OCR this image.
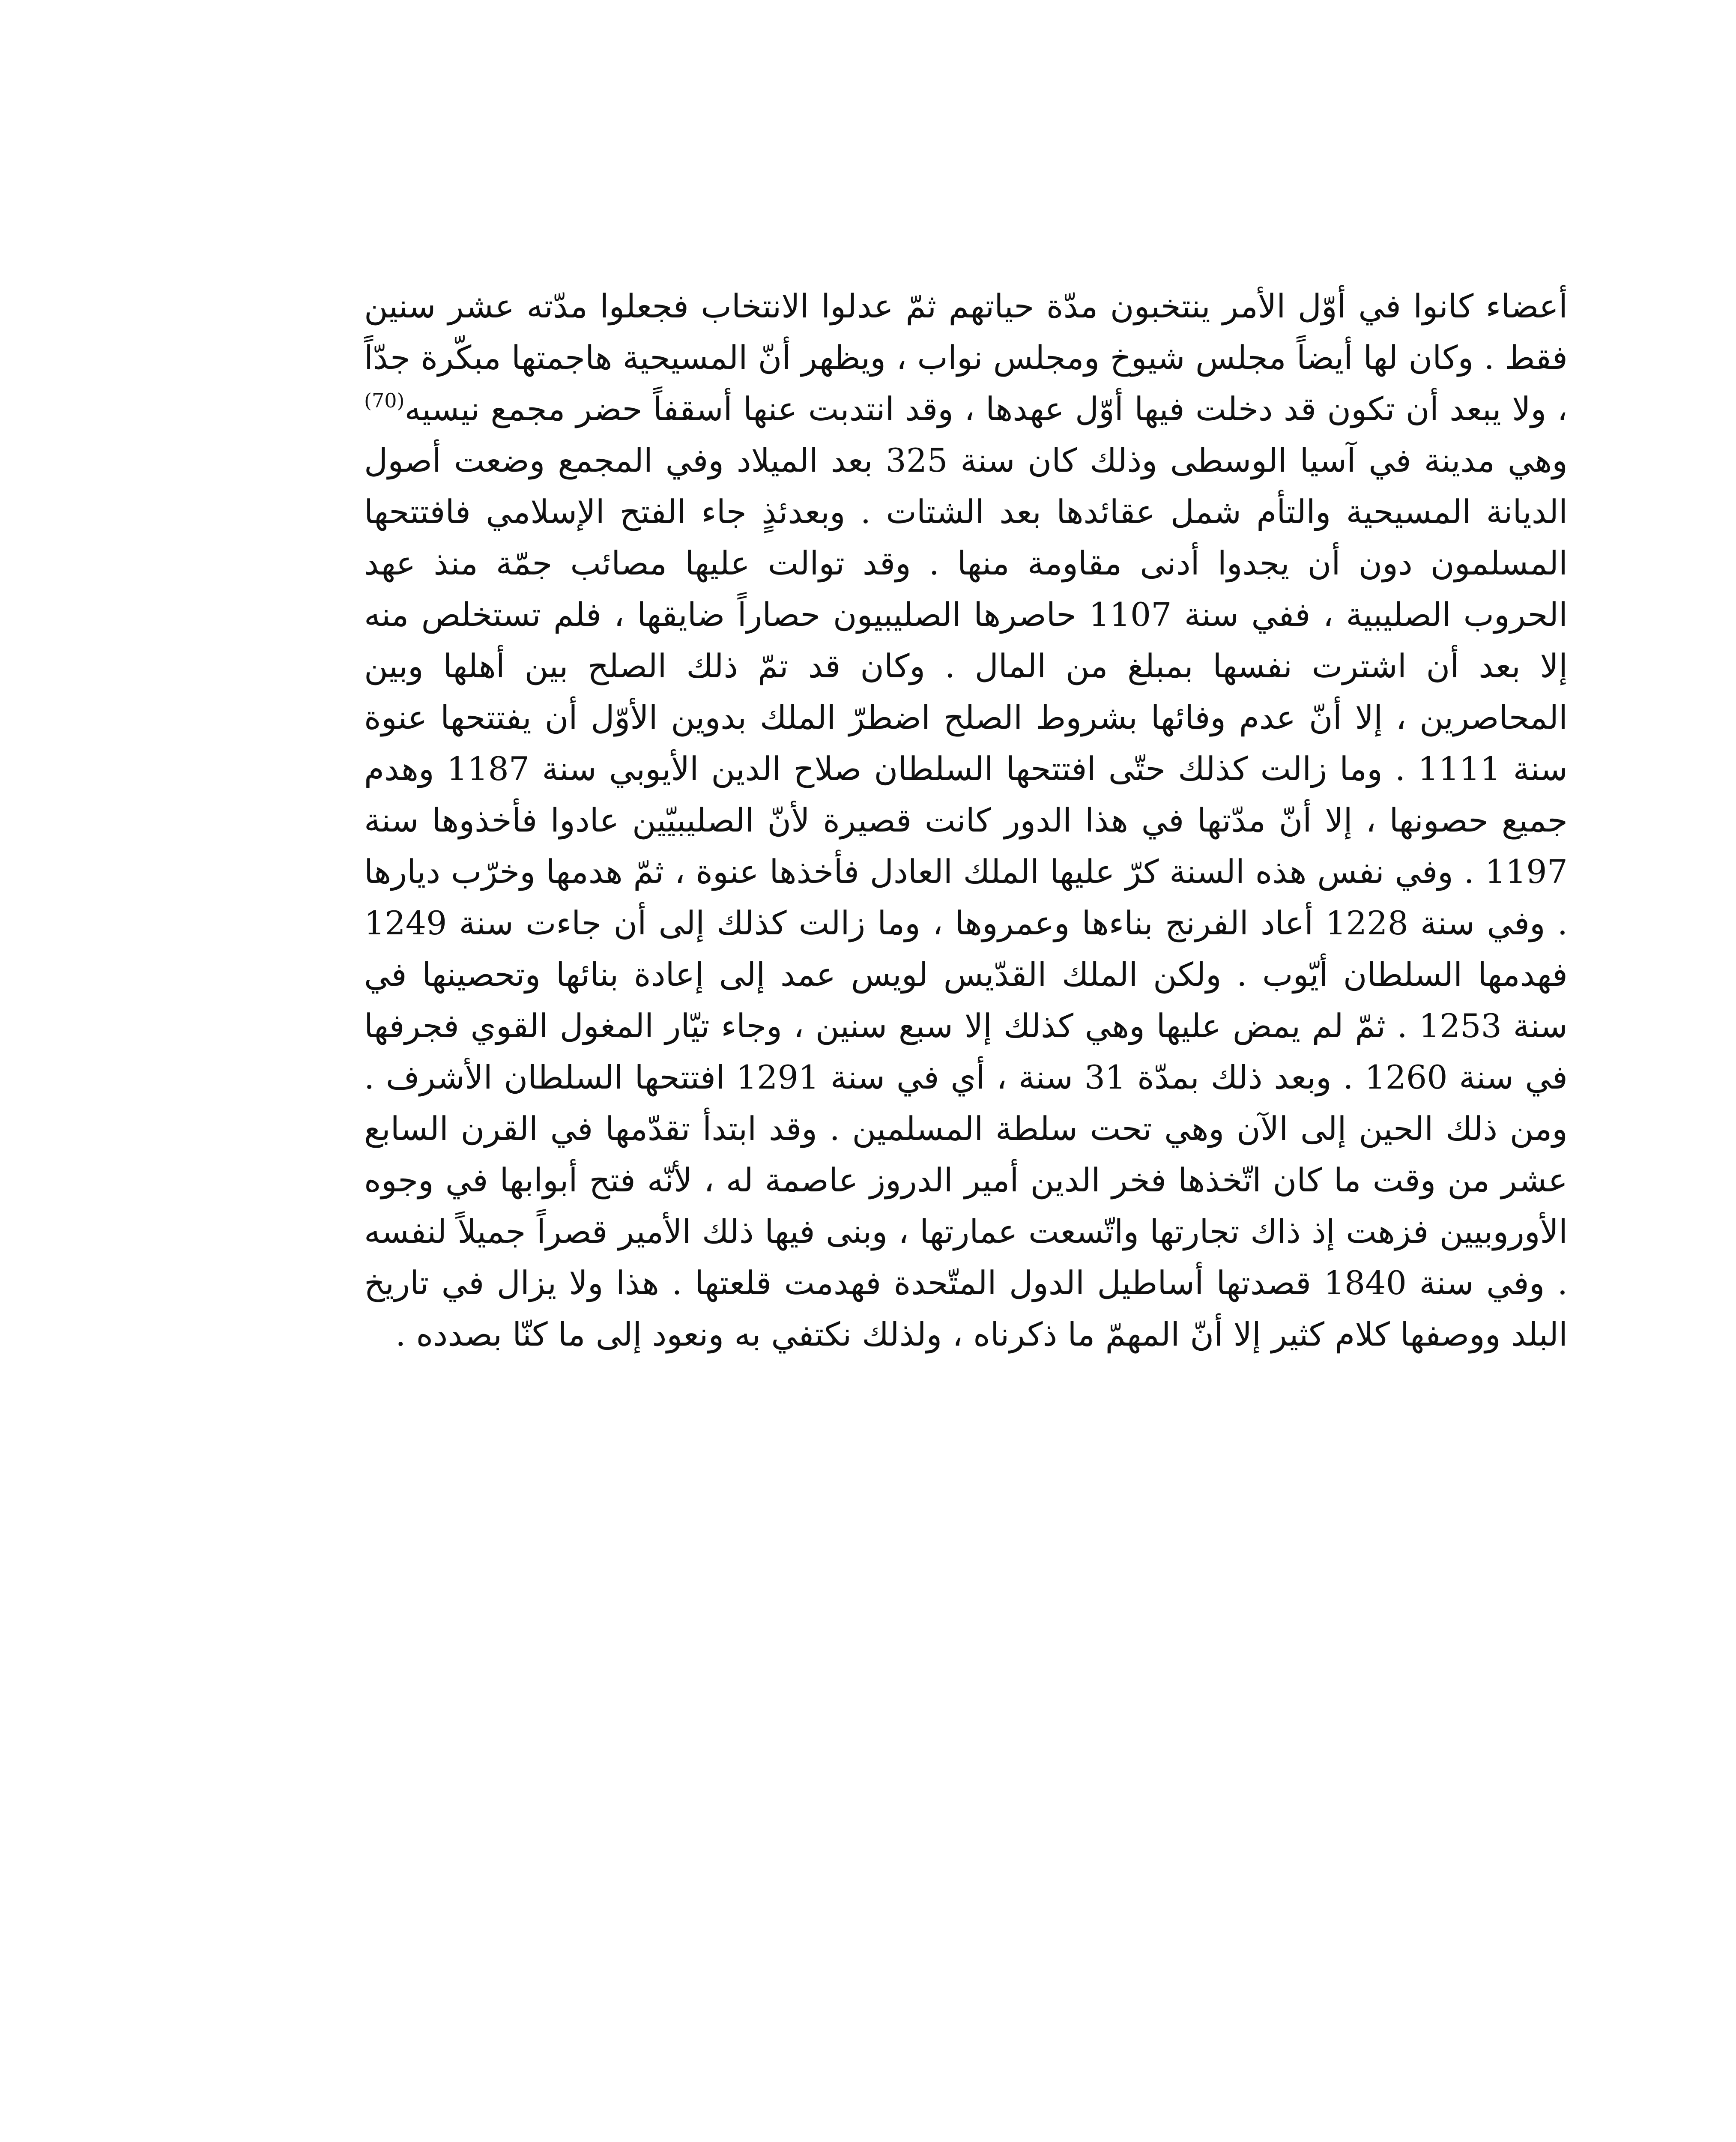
أعضاء كانوا في أوّل الأمر ينتخبون مدّة حياتهم ثمّ عدلوا الانتخاب فجعلوا مدّته عشر سنين فقط . وكان لها أيضاً مجلس شيوخ ومجلس نواب ، ويظهر أنّ المسيحية هاجمتها مبكّرة جدّاً ، ولا يبعد أن تكون قد دخلت فيها أوّل عهدها ، وقد انتدبت عنها أسقفاً حضر مجمع نيسيه$^{(70)}$ وهي مدينة في آسيا الوسطى وذلك كان سنة 325 بعد الميلاد وفي المجمع وضعت أصول الديانة المسيحية والتأم شمل عقائدها بعد الشتات . وبعدئذٍ جاء الفتح الإسلامي فافتتحها المسلمون دون أن يجدوا أدنى مقاومة منها . وقد توالت عليها مصائب جمّة منذ عهد الحروب الصليبية ، ففي سنة 1107 حاصرها الصليبيون حصاراً ضايقها ، فلم تستخلص منه إلا بعد أن اشترت نفسها بمبلغ من المال . وكان قد تمّ ذلك الصلح بين أهلها وبين المحاصرين ، إلا أنّ عدم وفائها بشروط الصلح اضطرّ الملك بدوين الأوّل أن يفتتحها عنوة سنة 1111 . وما زالت كذلك حتّى افتتحها السلطان صلاح الدين الأيوبي سنة 1187 وهدم جميع حصونها ، إلا أنّ مدّتها في هذا الدور كانت قصيرة لأنّ الصليبيّين عادوا فأخذوها سنة 1197 . وفي نفس هذه السنة كرّ عليها الملك العادل فأخذها عنوة ، ثمّ هدمها وخرّب ديارها . وفي سنة 1228 أعاد الفرنج بناءها وعمروها ، وما زالت كذلك إلى أن جاءت سنة 1249 فهدمها السلطان أيّوب . ولكن الملك القدّيس لويس عمد إلى إعادة بنائها وتحصينها في سنة 1253 . ثمّ لم يمض عليها وهي كذلك إلا سبع سنين ، وجاء تيّار المغول القوي فجرفها في سنة 1260 . وبعد ذلك بمدّة 31 سنة ، أي في سنة 1291 افتتحها السلطان الأشرف . ومن ذلك الحين إلى الآن وهي تحت سلطة المسلمين . وقد ابتدأ تقدّمها في القرن السابع عشر من وقت ما كان اتّخذها فخر الدين أمير الدروز عاصمة له ، لأنّه فتح أبوابها في وجوه الأوروبيين فزهت إذ ذاك تجارتها واتّسعت عمارتها ، وبنى فيها ذلك الأمير قصراً جميلاً لنفسه . وفي سنة 1840 قصدتها أساطيل الدول المتّحدة فهدمت قلعتها . هذا ولا يزال في تاريخ البلد ووصفها كلام كثير إلا أنّ المهمّ ما ذكرناه ، ولذلك نكتفي به ونعود إلى ما كنّا بصدده .
